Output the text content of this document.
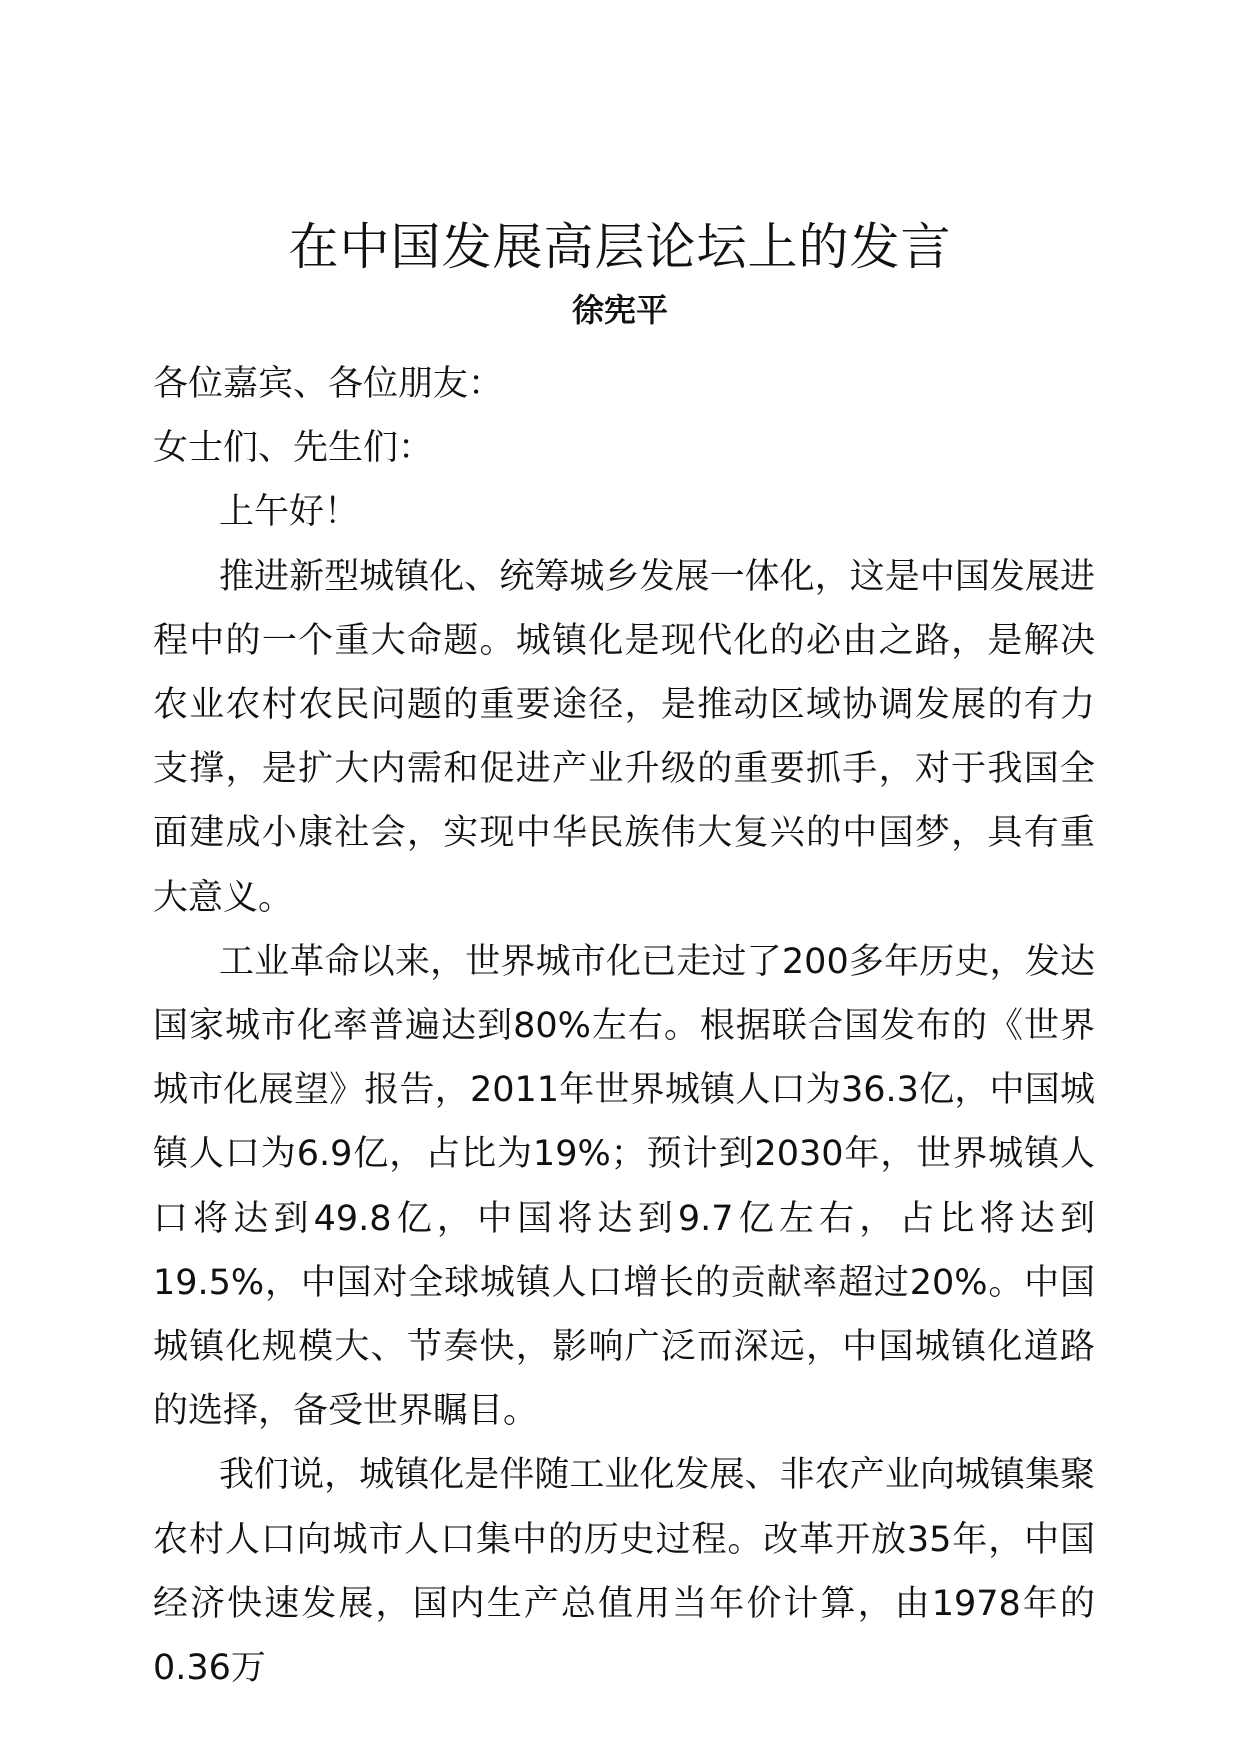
在中国发展高层论坛上的发言
徐宪平

各位嘉宾、各位朋友：

女士们、先生们：

上午好！

推进新型城镇化、统筹城乡发展一体化，这是中国发展进程中的一个重大命题。城镇化是现代化的必由之路，是解决农业农村农民问题的重要途径，是推动区域协调发展的有力支撑，是扩大内需和促进产业升级的重要抓手，对于我国全面建成小康社会，实现中华民族伟大复兴的中国梦，具有重大意义。

工业革命以来，世界城市化已走过了200多年历史，发达国家城市化率普遍达到80%左右。根据联合国发布的《世界城市化展望》报告，2011年世界城镇人口为36.3亿，中国城镇人口为6.9亿，占比为19%；预计到2030年，世界城镇人口将达到49.8亿，中国将达到9.7亿左右，占比将达到19.5%，中国对全球城镇人口增长的贡献率超过20%。中国城镇化规模大、节奏快，影响广泛而深远，中国城镇化道路的选择，备受世界瞩目。

我们说，城镇化是伴随工业化发展、非农产业向城镇集聚农村人口向城市人口集中的历史过程。改革开放35年，中国经济快速发展，国内生产总值用当年价计算，由1978年的0.36万
